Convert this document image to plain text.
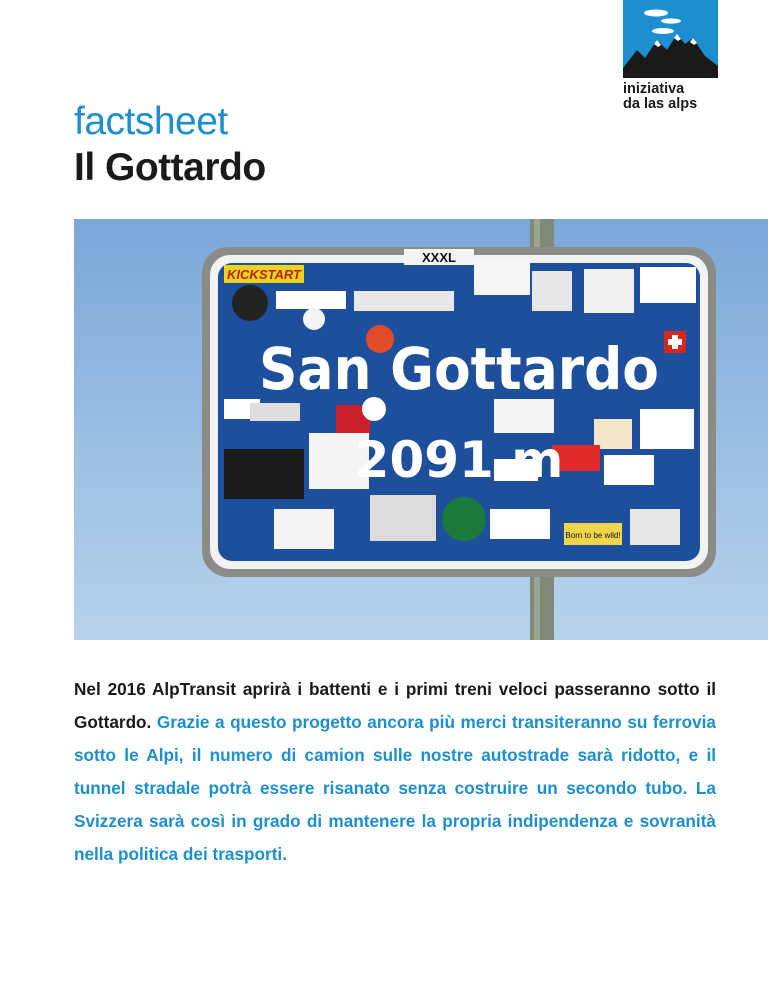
iniziativa
da las alps
factsheet
Il Gottardo
XXXL
KICKSTART
Born to be wild!
San Gottardo
2091 m
Nel 2016 AlpTransit aprirà i battenti e i primi treni veloci passeranno sotto il Gottardo. Grazie a questo progetto ancora più merci transiteranno su ferrovia sotto le Alpi, il numero di camion sulle nostre autostrade sarà ridotto, e il tunnel stradale potrà essere risanato senza costruire un secondo tubo. La Svizzera sarà così in grado di mantenere la propria indipendenza e sovranità nella politica dei trasporti.
